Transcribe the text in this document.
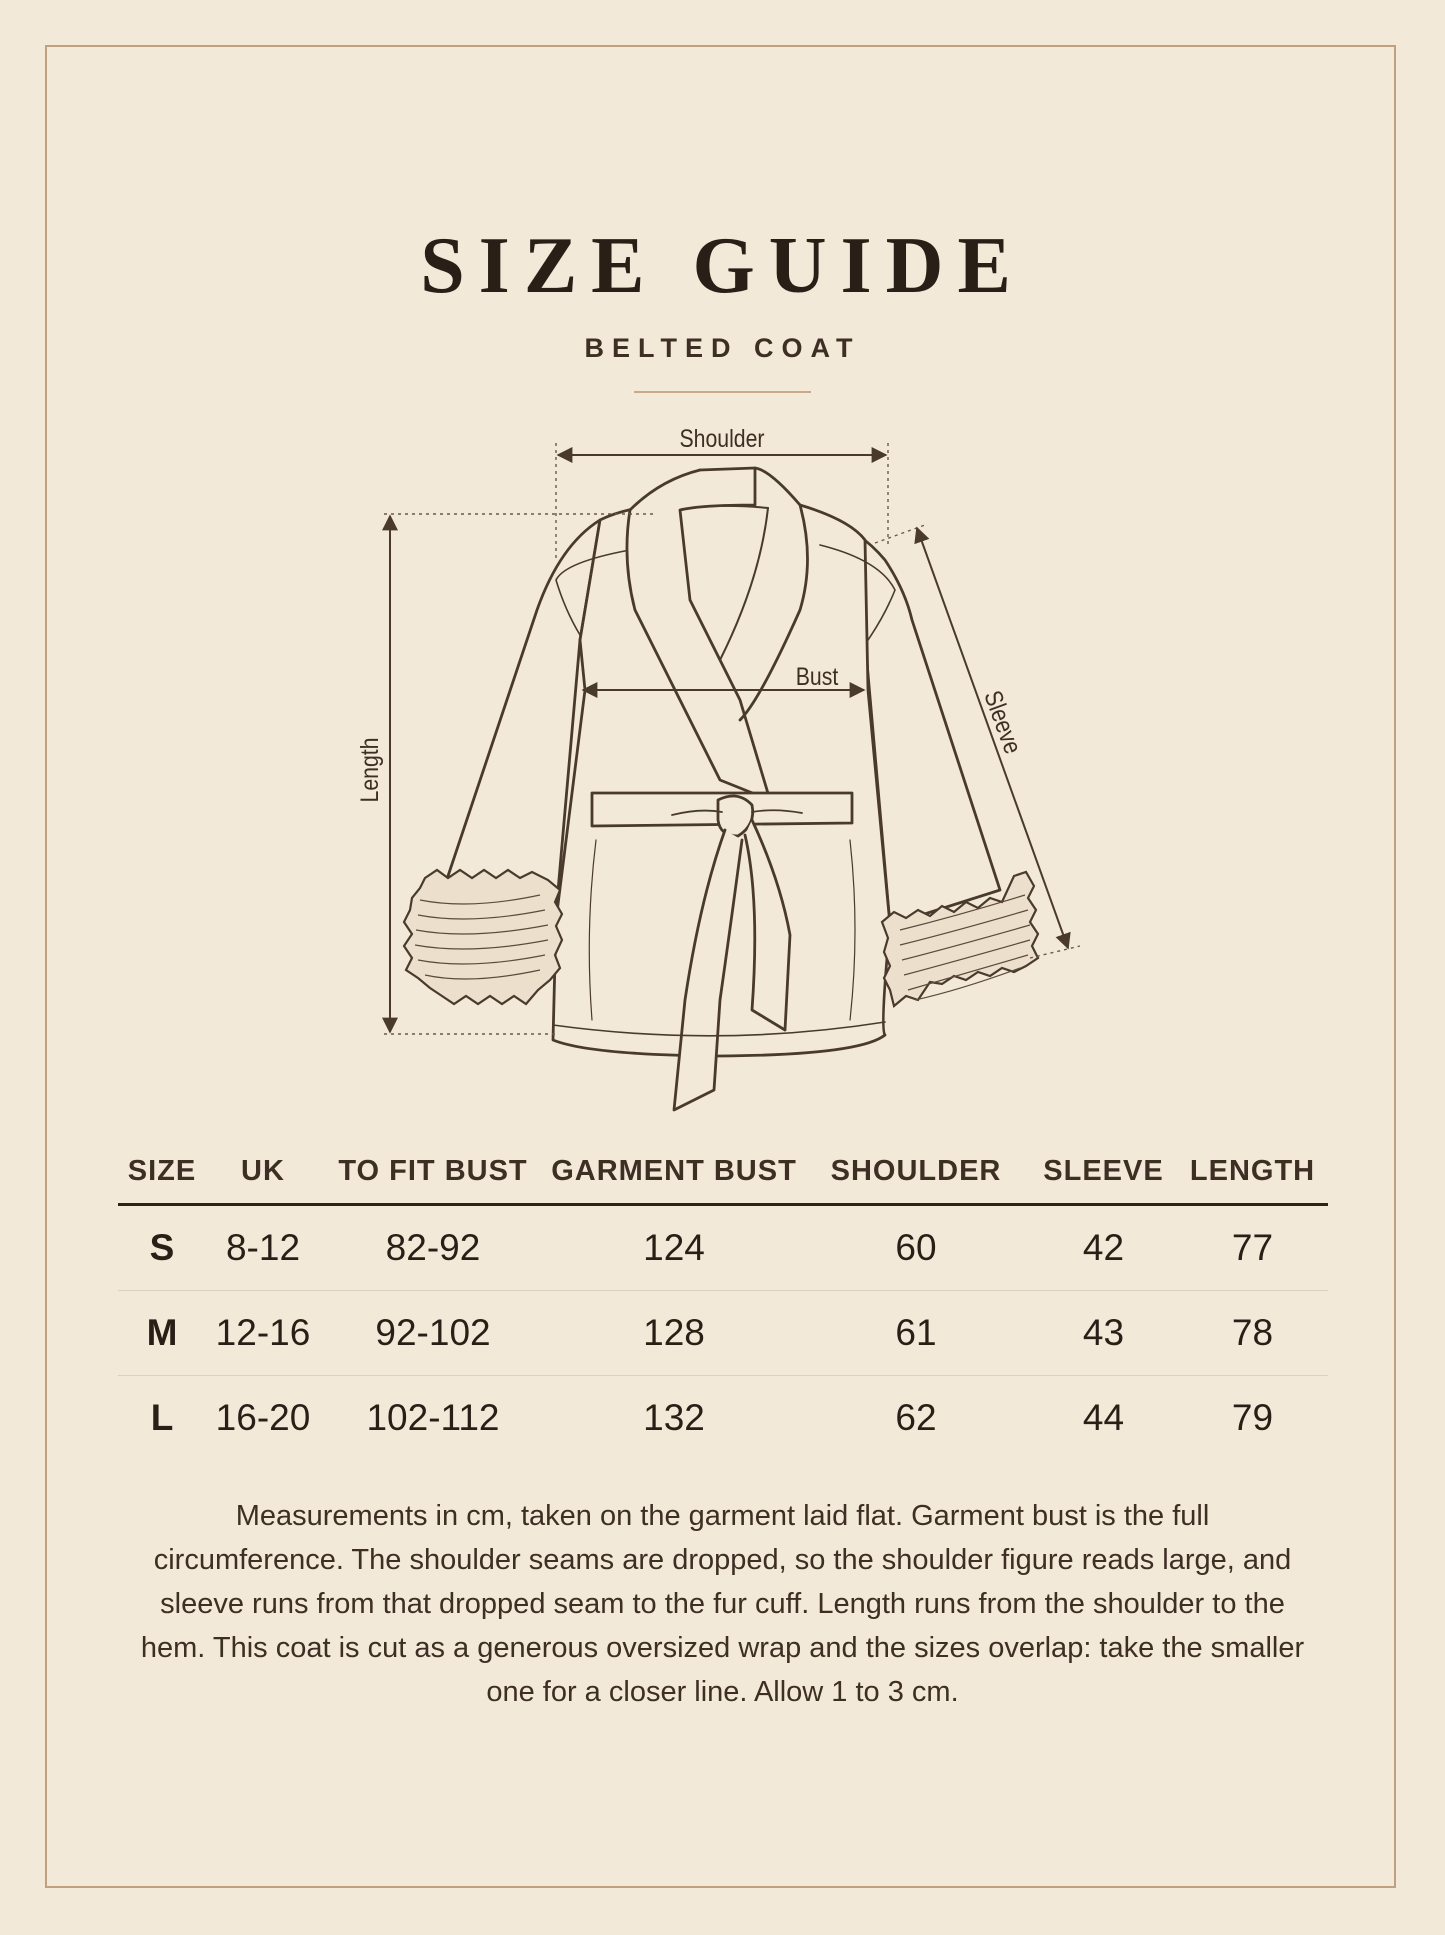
SIZE GUIDE
BELTED COAT
Shoulder
Bust
Length
Sleeve
SIZE	UK	TO FIT BUST	GARMENT BUST	SHOULDER	SLEEVE	LENGTH
S	8-12	82-92	124	60	42	77
M	12-16	92-102	128	61	43	78
L	16-20	102-112	132	62	44	79

Measurements in cm, taken on the garment laid flat. Garment bust is the full circumference. The shoulder seams are dropped, so the shoulder figure reads large, and sleeve runs from that dropped seam to the fur cuff. Length runs from the shoulder to the hem. This coat is cut as a generous oversized wrap and the sizes overlap: take the smaller one for a closer line. Allow 1 to 3 cm.
